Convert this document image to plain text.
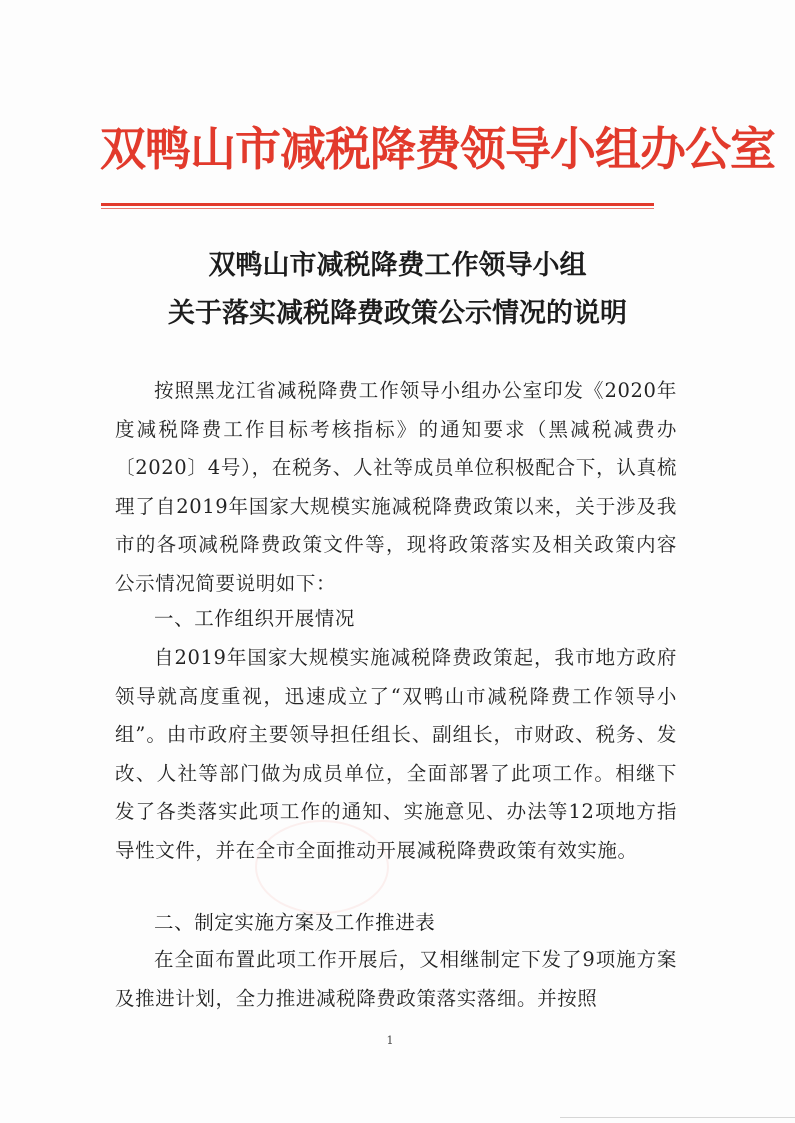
双鸭山市减税降费领导小组办公室
双鸭山市减税降费工作领导小组
关于落实减税降费政策公示情况的说明

按照黑龙江省减税降费工作领导小组办公室印发《2020年度减税降费工作目标考核指标》的通知要求（黑减税减费办〔2020〕4号），在税务、人社等成员单位积极配合下，认真梳理了自2019年国家大规模实施减税降费政策以来，关于涉及我市的各项减税降费政策文件等，现将政策落实及相关政策内容公示情况简要说明如下：

一、工作组织开展情况

自2019年国家大规模实施减税降费政策起，我市地方政府领导就高度重视，迅速成立了“双鸭山市减税降费工作领导小组”。由市政府主要领导担任组长、副组长，市财政、税务、发改、人社等部门做为成员单位，全面部署了此项工作。相继下发了各类落实此项工作的通知、实施意见、办法等12项地方指导性文件，并在全市全面推动开展减税降费政策有效实施。

二、制定实施方案及工作推进表

在全面布置此项工作开展后，又相继制定下发了9项施方案及推进计划，全力推进减税降费政策落实落细。并按照

1
